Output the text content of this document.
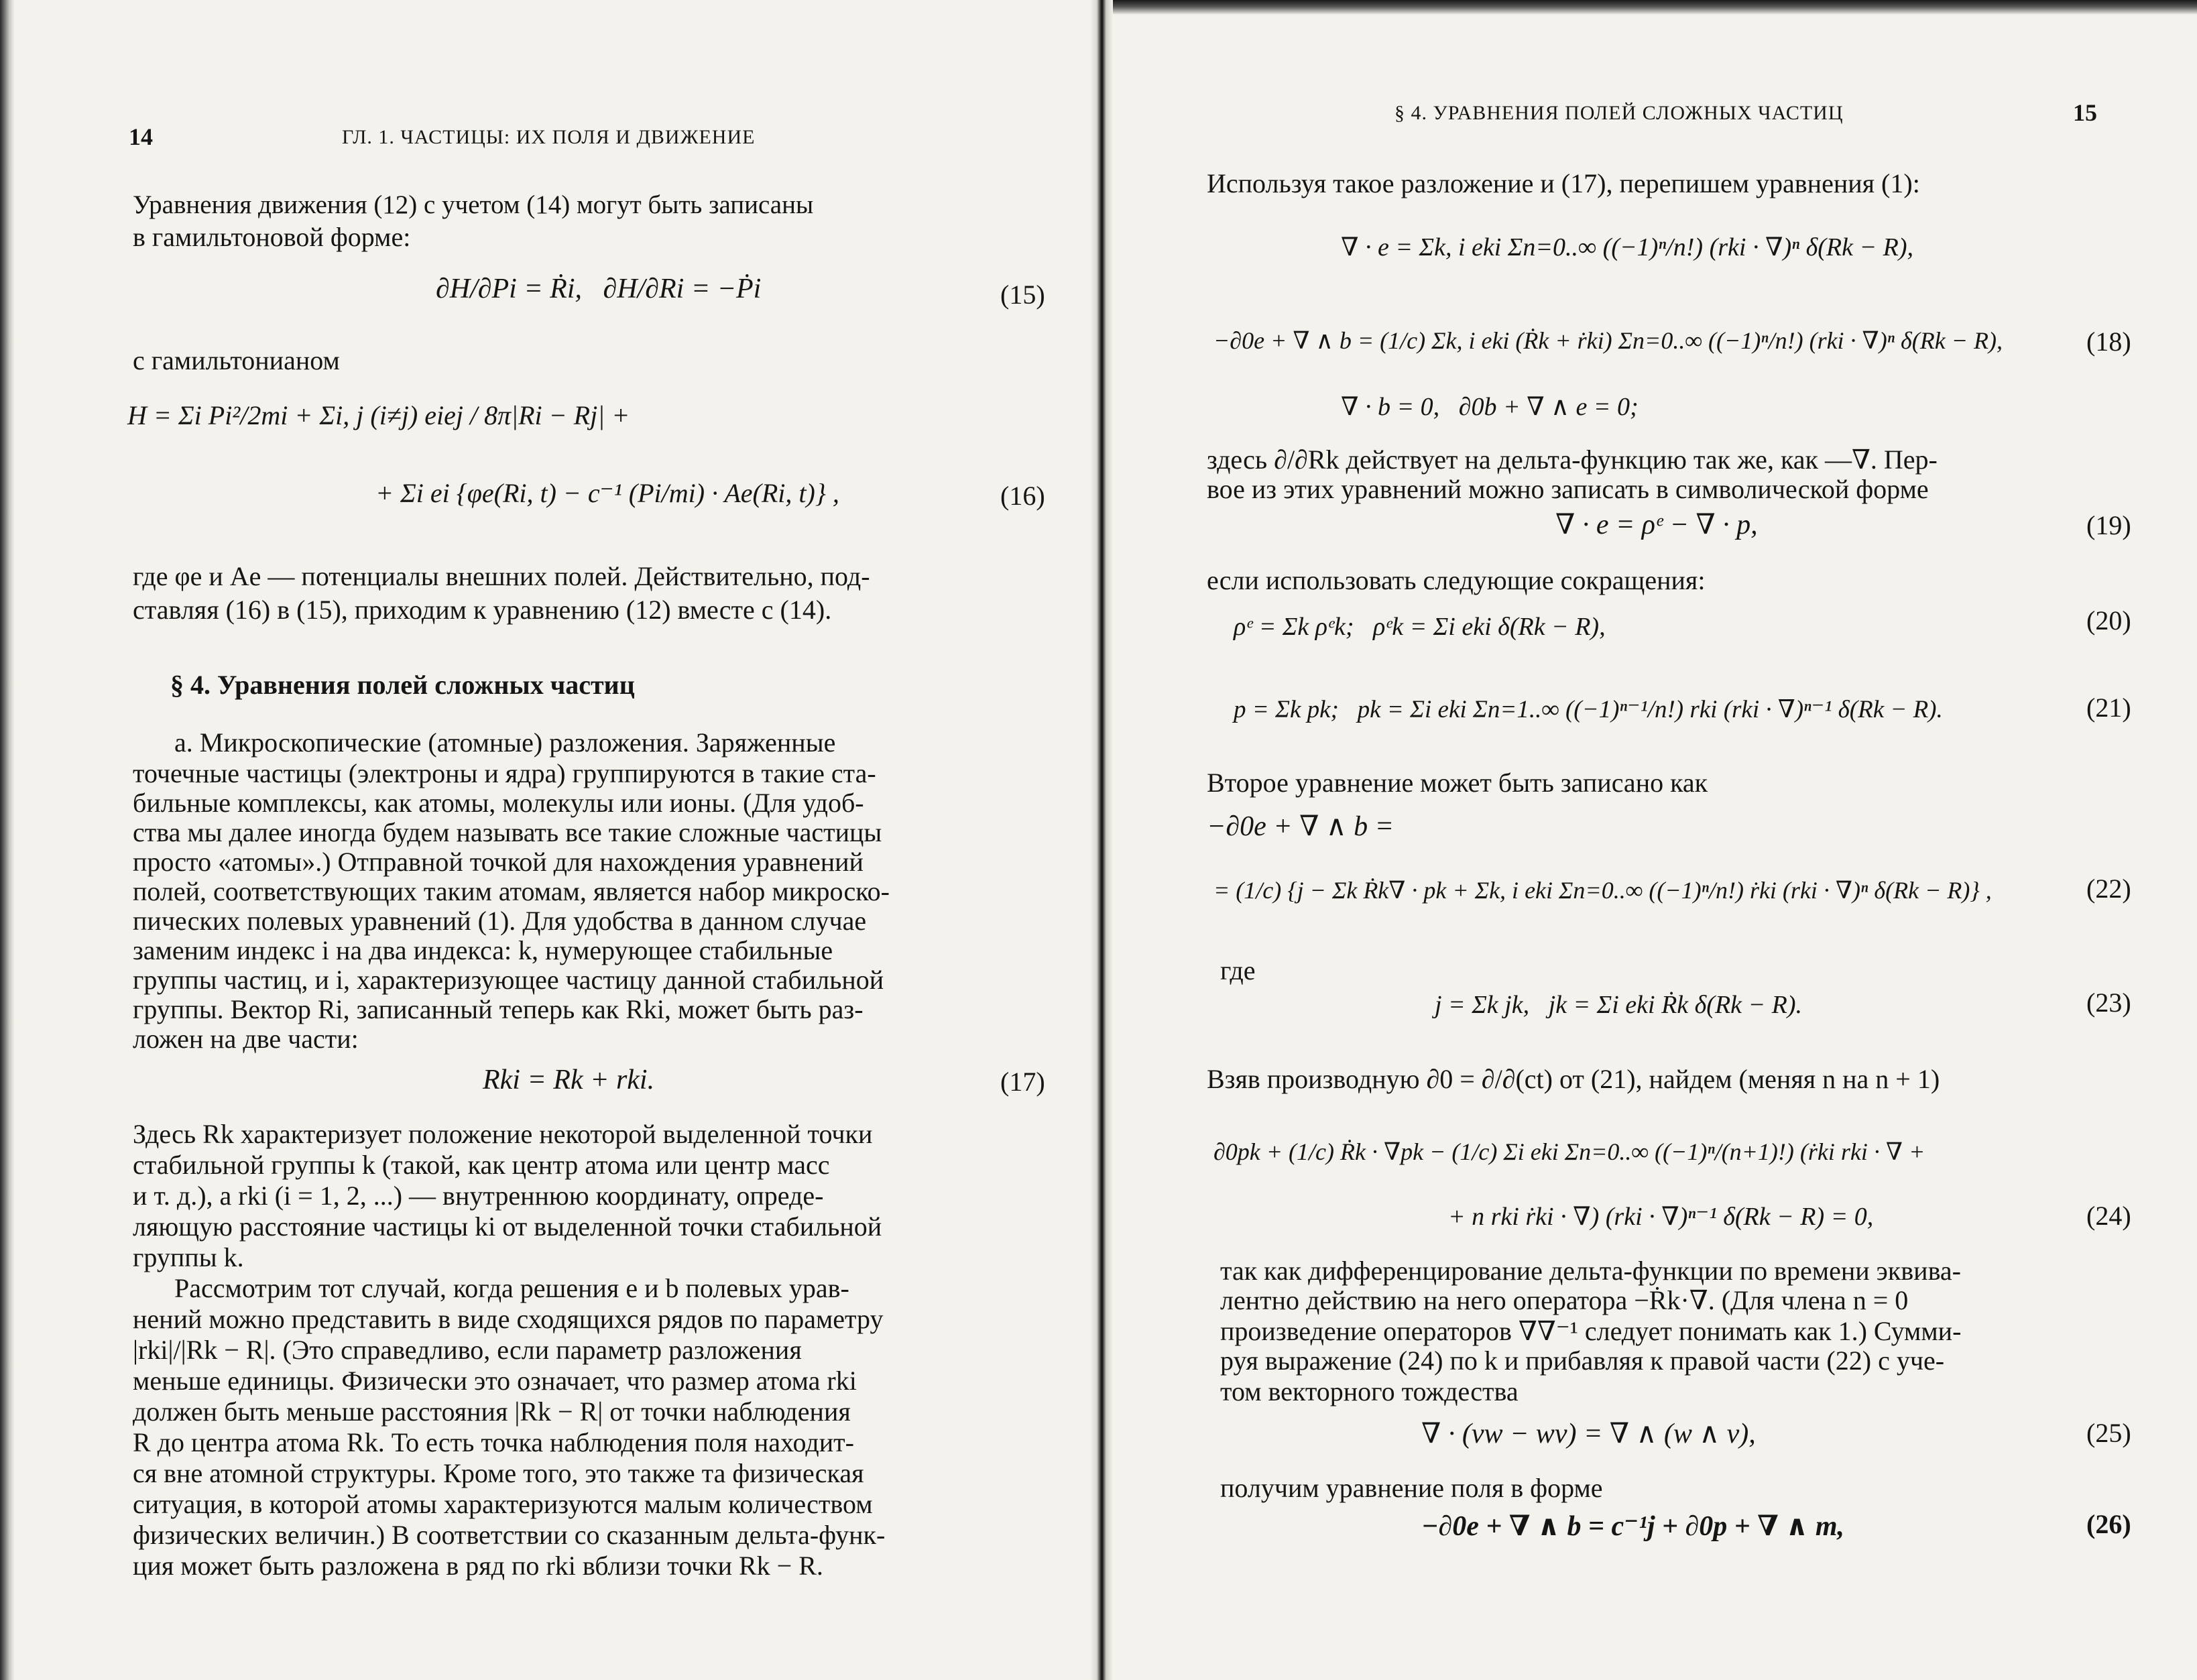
14	ГЛ. 1. ЧАСТИЦЫ: ИХ ПОЛЯ И ДВИЖЕНИЕ
Уравнения движения (12) с учетом (14) могут быть записаны
в гамильтоновой форме:
∂H/∂Pi = Ṙi,   ∂H/∂Ri = −Ṗi	(15)
с гамильтонианом
H = Σi Pi²/2mi + Σi, j (i≠j) eiej / 8π|Ri − Rj| +
+ Σi ei {φe(Ri, t) − c⁻¹ (Pi/mi) · Ae(Ri, t)} ,	(16)
где φe и Ae — потенциалы внешних полей. Действительно, под-
ставляя (16) в (15), приходим к уравнению (12) вместе с (14).
§ 4. Уравнения полей сложных частиц
а. Микроскопические (атомные) разложения. Заряженные
точечные частицы (электроны и ядра) группируются в такие ста-
бильные комплексы, как атомы, молекулы или ионы. (Для удоб-
ства мы далее иногда будем называть все такие сложные частицы
просто «атомы».) Отправной точкой для нахождения уравнений
полей, соответствующих таким атомам, является набор микроско-
пических полевых уравнений (1). Для удобства в данном случае
заменим индекс i на два индекса: k, нумерующее стабильные
группы частиц, и i, характеризующее частицу данной стабильной
группы. Вектор Ri, записанный теперь как Rki, может быть раз-
ложен на две части:
Rki = Rk + rki.	(17)
Здесь Rk характеризует положение некоторой выделенной точки
стабильной группы k (такой, как центр атома или центр масс
и т. д.), а rki (i = 1, 2, ...) — внутреннюю координату, опреде-
ляющую расстояние частицы ki от выделенной точки стабильной
группы k.
Рассмотрим тот случай, когда решения e и b полевых урав-
нений можно представить в виде сходящихся рядов по параметру
|rki|/|Rk − R|. (Это справедливо, если параметр разложения
меньше единицы. Физически это означает, что размер атома rki
должен быть меньше расстояния |Rk − R| от точки наблюдения
R до центра атома Rk. То есть точка наблюдения поля находит-
ся вне атомной структуры. Кроме того, это также та физическая
ситуация, в которой атомы характеризуются малым количеством
физических величин.) В соответствии со сказанным дельта-функ-
ция может быть разложена в ряд по rki вблизи точки Rk − R.
§ 4. УРАВНЕНИЯ ПОЛЕЙ СЛОЖНЫХ ЧАСТИЦ	15
Используя такое разложение и (17), перепишем уравнения (1):
∇ · e = Σk, i eki Σn=0..∞ ((−1)ⁿ/n!) (rki · ∇)ⁿ δ(Rk − R),
−∂0e + ∇ ∧ b = (1/c) Σk, i eki (Ṙk + ṙki) Σn=0..∞ ((−1)ⁿ/n!) (rki · ∇)ⁿ δ(Rk − R),	(18)
∇ · b = 0,   ∂0b + ∇ ∧ e = 0;
здесь ∂/∂Rk действует на дельта-функцию так же, как —∇. Пер-
вое из этих уравнений можно записать в символической форме
∇ · e = ρᵉ − ∇ · p,	(19)
если использовать следующие сокращения:
ρᵉ = Σk ρᵉk;   ρᵉk = Σi eki δ(Rk − R),	(20)
p = Σk pk;   pk = Σi eki Σn=1..∞ ((−1)ⁿ⁻¹/n!) rki (rki · ∇)ⁿ⁻¹ δ(Rk − R).	(21)
Второе уравнение может быть записано как
−∂0e + ∇ ∧ b =
= (1/c) {j − Σk Ṙk∇ · pk + Σk, i eki Σn=0..∞ ((−1)ⁿ/n!) ṙki (rki · ∇)ⁿ δ(Rk − R)} ,	(22)
где
j = Σk jk,   jk = Σi eki Ṙk δ(Rk − R).	(23)
Взяв производную ∂0 = ∂/∂(ct) от (21), найдем (меняя n на n + 1)
∂0pk + (1/c) Ṙk · ∇pk − (1/c) Σi eki Σn=0..∞ ((−1)ⁿ/(n+1)!) (ṙki rki · ∇ +
+ n rki ṙki · ∇) (rki · ∇)ⁿ⁻¹ δ(Rk − R) = 0,	(24)
так как дифференцирование дельта-функции по времени эквива-
лентно действию на него оператора −Ṙk·∇. (Для члена n = 0
произведение операторов ∇∇⁻¹ следует понимать как 1.) Сумми-
руя выражение (24) по k и прибавляя к правой части (22) с уче-
том векторного тождества
∇ · (vw − wv) = ∇ ∧ (w ∧ v),	(25)
получим уравнение поля в форме
−∂0e + ∇ ∧ b = c⁻¹j + ∂0p + ∇ ∧ m,	(26)
